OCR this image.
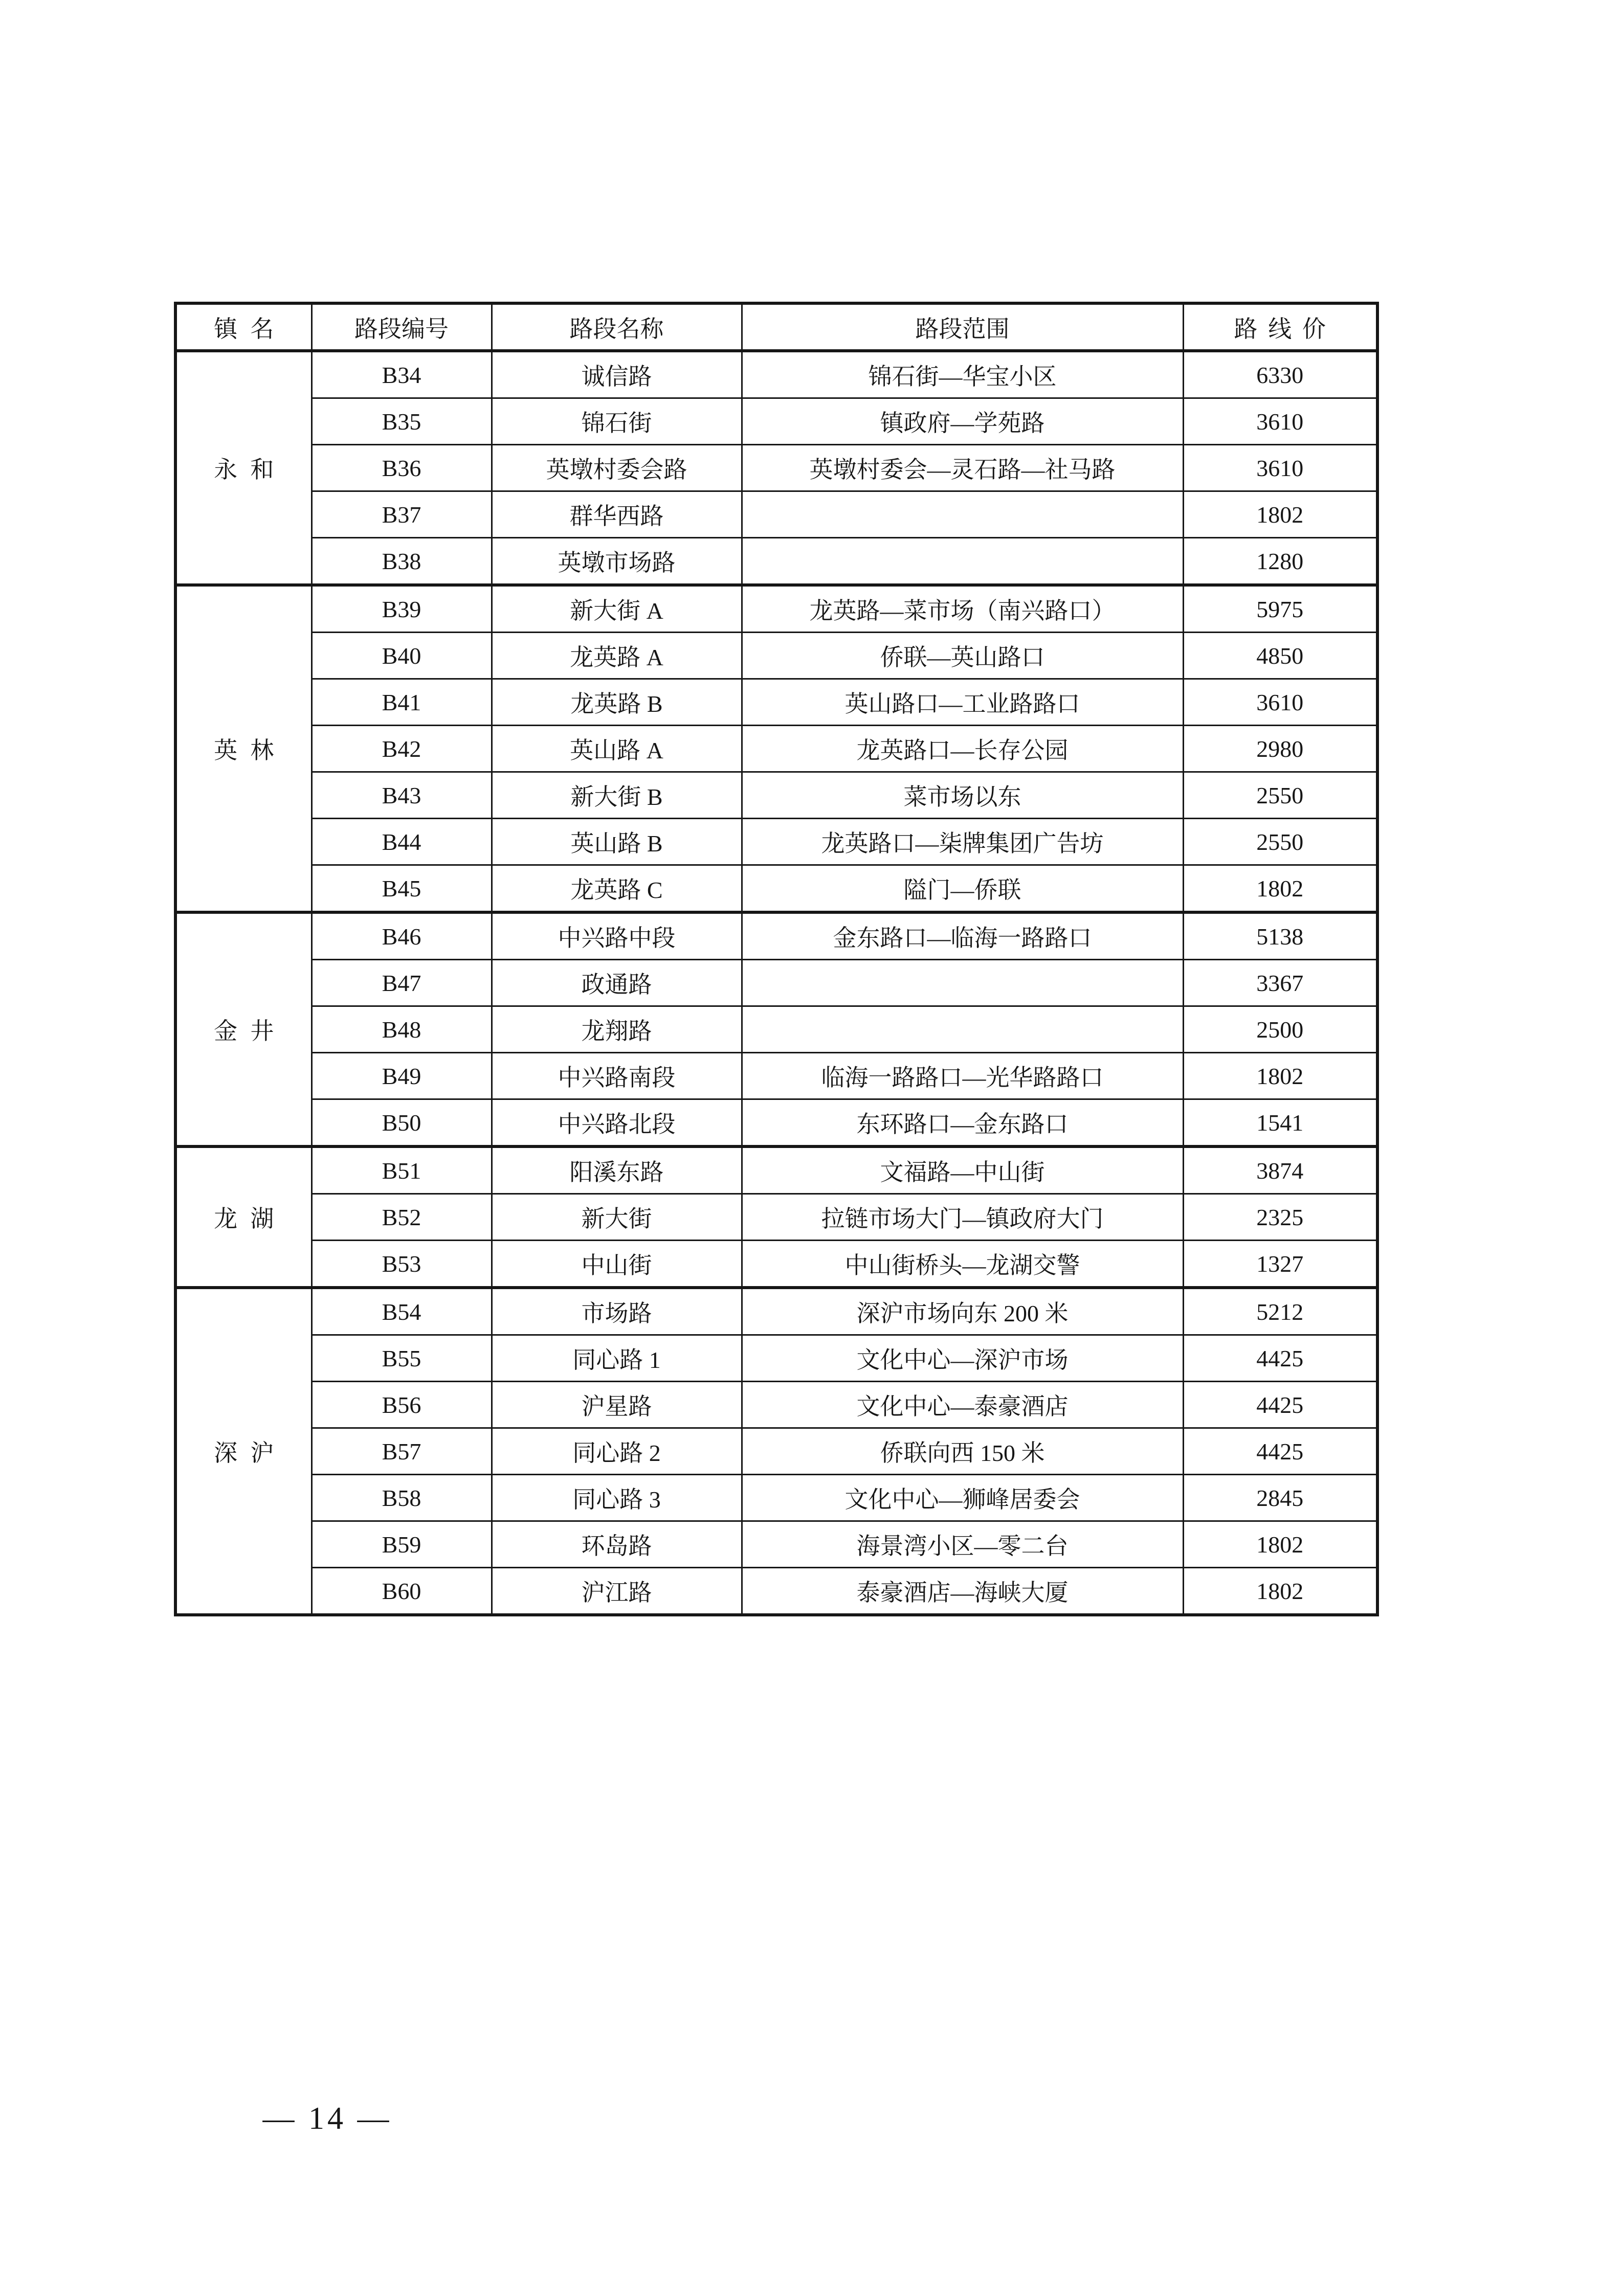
镇名	路段编号	路段名称	路段范围	路线价
永和	B34	诚信路	锦石街—华宝小区	6330
	B35	锦石街	镇政府—学苑路	3610
	B36	英墩村委会路	英墩村委会—灵石路—社马路	3610
	B37	群华西路		1802
	B38	英墩市场路		1280
英林	B39	新大街 A	龙英路—菜市场（南兴路口）	5975
	B40	龙英路 A	侨联—英山路口	4850
	B41	龙英路 B	英山路口—工业路路口	3610
	B42	英山路 A	龙英路口—长存公园	2980
	B43	新大街 B	菜市场以东	2550
	B44	英山路 B	龙英路口—柒牌集团广告坊	2550
	B45	龙英路 C	隘门—侨联	1802
金井	B46	中兴路中段	金东路口—临海一路路口	5138
	B47	政通路		3367
	B48	龙翔路		2500
	B49	中兴路南段	临海一路路口—光华路路口	1802
	B50	中兴路北段	东环路口—金东路口	1541
龙湖	B51	阳溪东路	文福路—中山街	3874
	B52	新大街	拉链市场大门—镇政府大门	2325
	B53	中山街	中山街桥头—龙湖交警	1327
深沪	B54	市场路	深沪市场向东 200 米	5212
	B55	同心路 1	文化中心—深沪市场	4425
	B56	沪星路	文化中心—泰豪酒店	4425
	B57	同心路 2	侨联向西 150 米	4425
	B58	同心路 3	文化中心—狮峰居委会	2845
	B59	环岛路	海景湾小区—零二台	1802
	B60	沪江路	泰豪酒店—海峡大厦	1802
— 14 —
